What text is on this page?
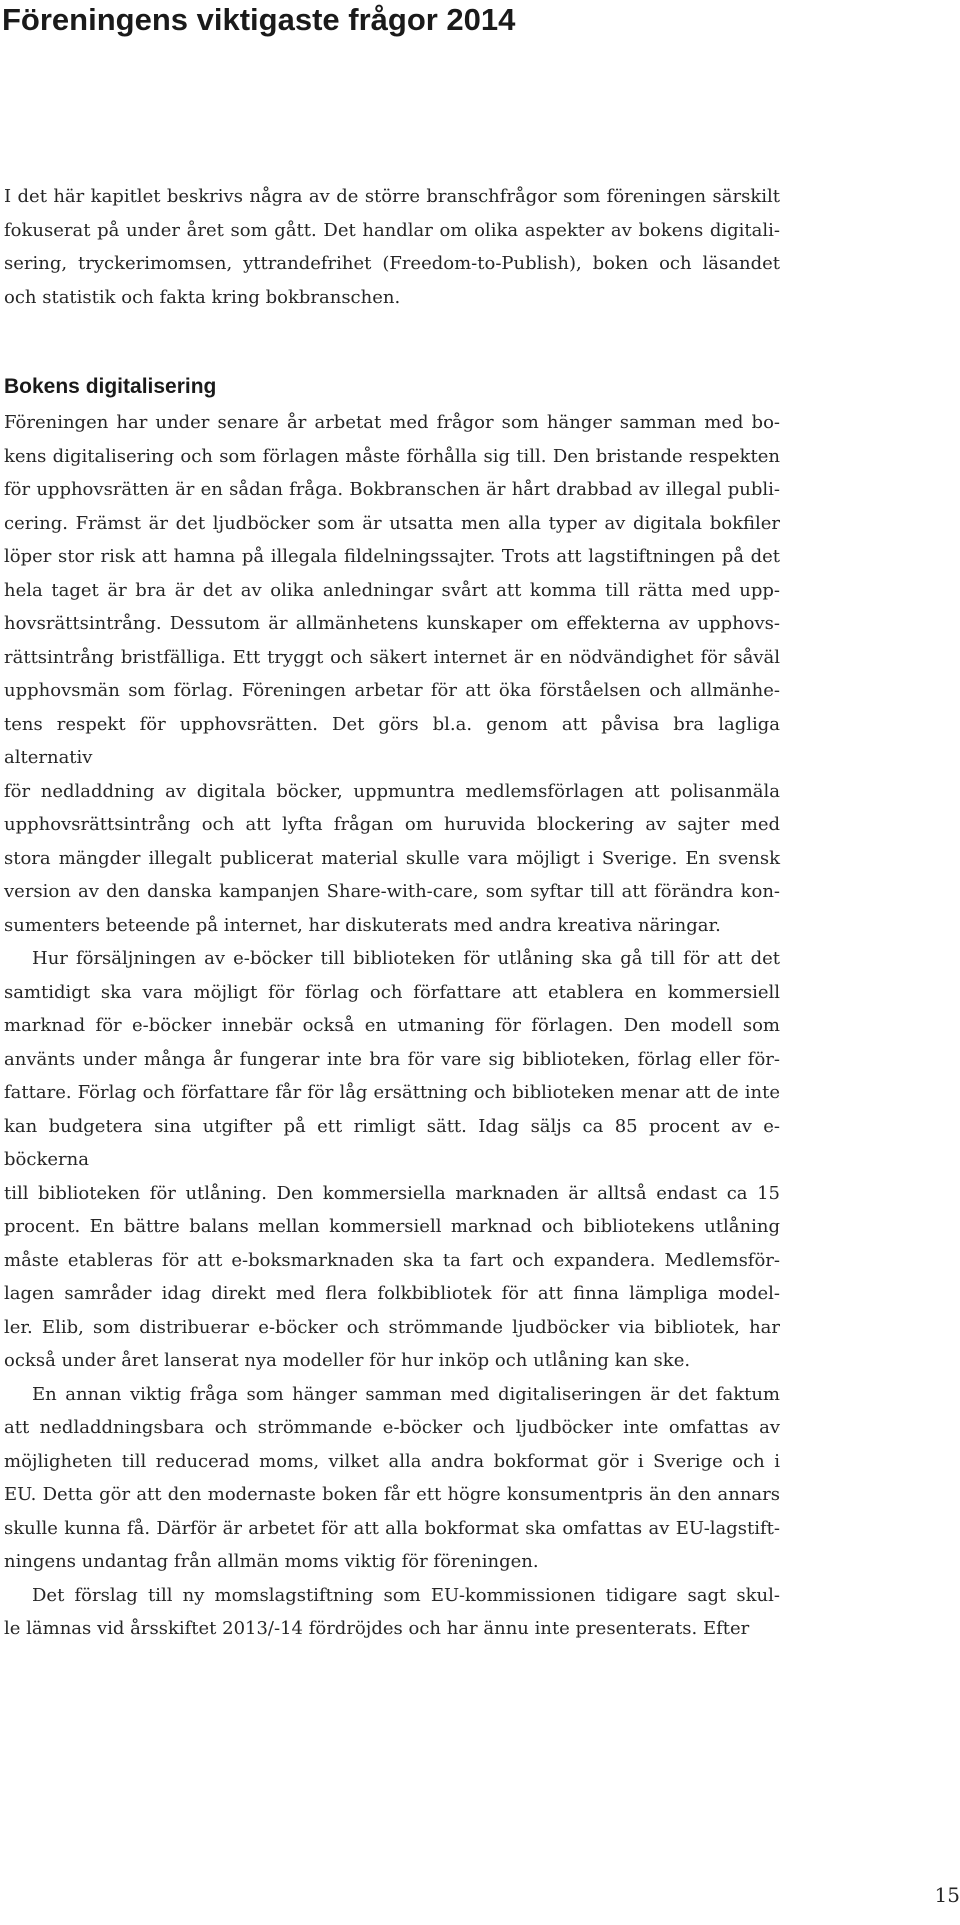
Föreningens viktigaste frågor 2014
I det här kapitlet beskrivs några av de större branschfrågor som föreningen särskilt
fokuserat på under året som gått. Det handlar om olika aspekter av bokens digitali-
sering, tryckerimomsen, yttrandefrihet (Freedom-to-Publish), boken och läsandet
och statistik och fakta kring bokbranschen.
Bokens digitalisering
Föreningen har under senare år arbetat med frågor som hänger samman med bo-
kens digitalisering och som förlagen måste förhålla sig till. Den bristande respekten
för upphovsrätten är en sådan fråga. Bokbranschen är hårt drabbad av illegal publi-
cering. Främst är det ljudböcker som är utsatta men alla typer av digitala bokfiler
löper stor risk att hamna på illegala fildelningssajter. Trots att lagstiftningen på det
hela taget är bra är det av olika anledningar svårt att komma till rätta med upp-
hovsrättsintrång. Dessutom är allmänhetens kunskaper om effekterna av upphovs-
rättsintrång bristfälliga. Ett tryggt och säkert internet är en nödvändighet för såväl
upphovsmän som förlag. Föreningen arbetar för att öka förståelsen och allmänhe-
tens respekt för upphovsrätten. Det görs bl.a. genom att påvisa bra lagliga alternativ
för nedladdning av digitala böcker, uppmuntra medlemsförlagen att polisanmäla
upphovsrättsintrång och att lyfta frågan om huruvida blockering av sajter med
stora mängder illegalt publicerat material skulle vara möjligt i Sverige. En svensk
version av den danska kampanjen Share-with-care, som syftar till att förändra kon-
sumenters beteende på internet, har diskuterats med andra kreativa näringar.
Hur försäljningen av e-böcker till biblioteken för utlåning ska gå till för att det
samtidigt ska vara möjligt för förlag och författare att etablera en kommersiell
marknad för e-böcker innebär också en utmaning för förlagen. Den modell som
använts under många år fungerar inte bra för vare sig biblioteken, förlag eller för-
fattare. Förlag och författare får för låg ersättning och biblioteken menar att de inte
kan budgetera sina utgifter på ett rimligt sätt. Idag säljs ca 85 procent av e-böckerna
till biblioteken för utlåning. Den kommersiella marknaden är alltså endast ca 15
procent. En bättre balans mellan kommersiell marknad och bibliotekens utlåning
måste etableras för att e-boksmarknaden ska ta fart och expandera. Medlemsför-
lagen samråder idag direkt med flera folkbibliotek för att finna lämpliga model-
ler. Elib, som distribuerar e-böcker och strömmande ljudböcker via bibliotek, har
också under året lanserat nya modeller för hur inköp och utlåning kan ske.
En annan viktig fråga som hänger samman med digitaliseringen är det faktum
att nedladdningsbara och strömmande e-böcker och ljudböcker inte omfattas av
möjligheten till reducerad moms, vilket alla andra bokformat gör i Sverige och i
EU. Detta gör att den modernaste boken får ett högre konsumentpris än den annars
skulle kunna få. Därför är arbetet för att alla bokformat ska omfattas av EU-lagstift-
ningens undantag från allmän moms viktig för föreningen.
Det förslag till ny momslagstiftning som EU-kommissionen tidigare sagt skul-
le lämnas vid årsskiftet 2013/-14 fördröjdes och har ännu inte presenterats. Efter
15
